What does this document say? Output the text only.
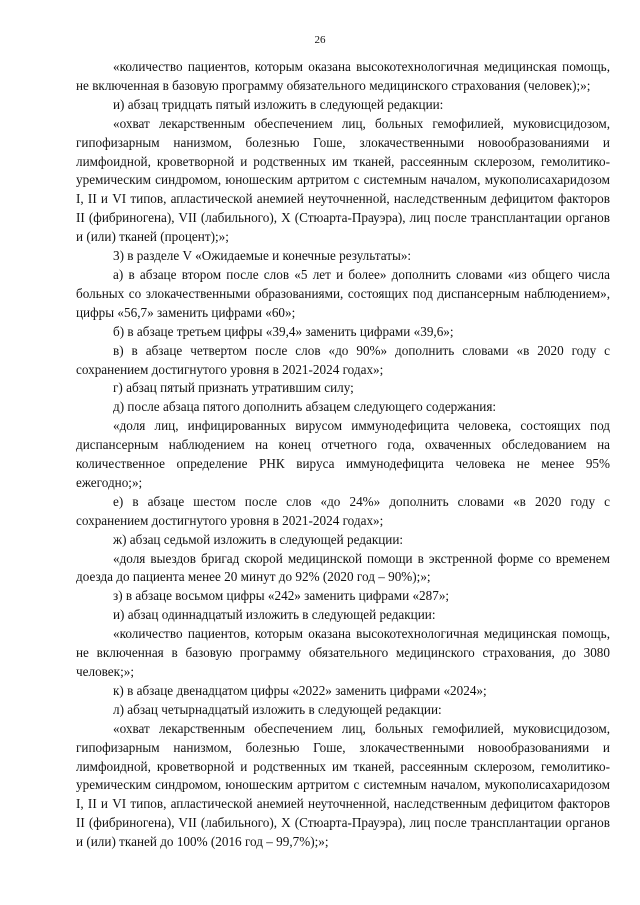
26

«количество пациентов, которым оказана высокотехнологичная медицинская помощь, не включенная в базовую программу обязательного медицинского страхования (человек);»;

и) абзац тридцать пятый изложить в следующей редакции:

«охват лекарственным обеспечением лиц, больных гемофилией, муковисцидозом, гипофизарным нанизмом, болезнью Гоше, злокачественными новообразованиями и лимфоидной, кроветворной и родственных им тканей, рассеянным склерозом, гемолитико-уремическим синдромом, юношеским артритом с системным началом, мукополисахаридозом I, II и VI типов, апластической анемией неуточненной, наследственным дефицитом факторов II (фибриногена), VII (лабильного), X (Стюарта-Прауэра), лиц после трансплантации органов и (или) тканей (процент);»;

3) в разделе V «Ожидаемые и конечные результаты»:

а) в абзаце втором после слов «5 лет и более» дополнить словами «из общего числа больных со злокачественными образованиями, состоящих под диспансерным наблюдением», цифры «56,7» заменить цифрами «60»;

б) в абзаце третьем цифры «39,4» заменить цифрами «39,6»;

в) в абзаце четвертом после слов «до 90%» дополнить словами «в 2020 году с сохранением достигнутого уровня в 2021-2024 годах»;

г) абзац пятый признать утратившим силу;

д) после абзаца пятого дополнить абзацем следующего содержания:

«доля лиц, инфицированных вирусом иммунодефицита человека, состоящих под диспансерным наблюдением на конец отчетного года, охваченных обследованием на количественное определение РНК вируса иммунодефицита человека не менее 95% ежегодно;»;

е) в абзаце шестом после слов «до 24%» дополнить словами «в 2020 году с сохранением достигнутого уровня в 2021-2024 годах»;

ж) абзац седьмой изложить в следующей редакции:

«доля выездов бригад скорой медицинской помощи в экстренной форме со временем доезда до пациента менее 20 минут до 92% (2020 год – 90%);»;

з) в абзаце восьмом цифры «242» заменить цифрами «287»;

и) абзац одиннадцатый изложить в следующей редакции:

«количество пациентов, которым оказана высокотехнологичная медицинская помощь, не включенная в базовую программу обязательного медицинского страхования, до 3080 человек;»;

к) в абзаце двенадцатом цифры «2022» заменить цифрами «2024»;

л) абзац четырнадцатый изложить в следующей редакции:

«охват лекарственным обеспечением лиц, больных гемофилией, муковисцидозом, гипофизарным нанизмом, болезнью Гоше, злокачественными новообразованиями и лимфоидной, кроветворной и родственных им тканей, рассеянным склерозом, гемолитико-уремическим синдромом, юношеским артритом с системным началом, мукополисахаридозом I, II и VI типов, апластической анемией неуточненной, наследственным дефицитом факторов II (фибриногена), VII (лабильного), X (Стюарта-Прауэра), лиц после трансплантации органов и (или) тканей до 100% (2016 год – 99,7%);»;
